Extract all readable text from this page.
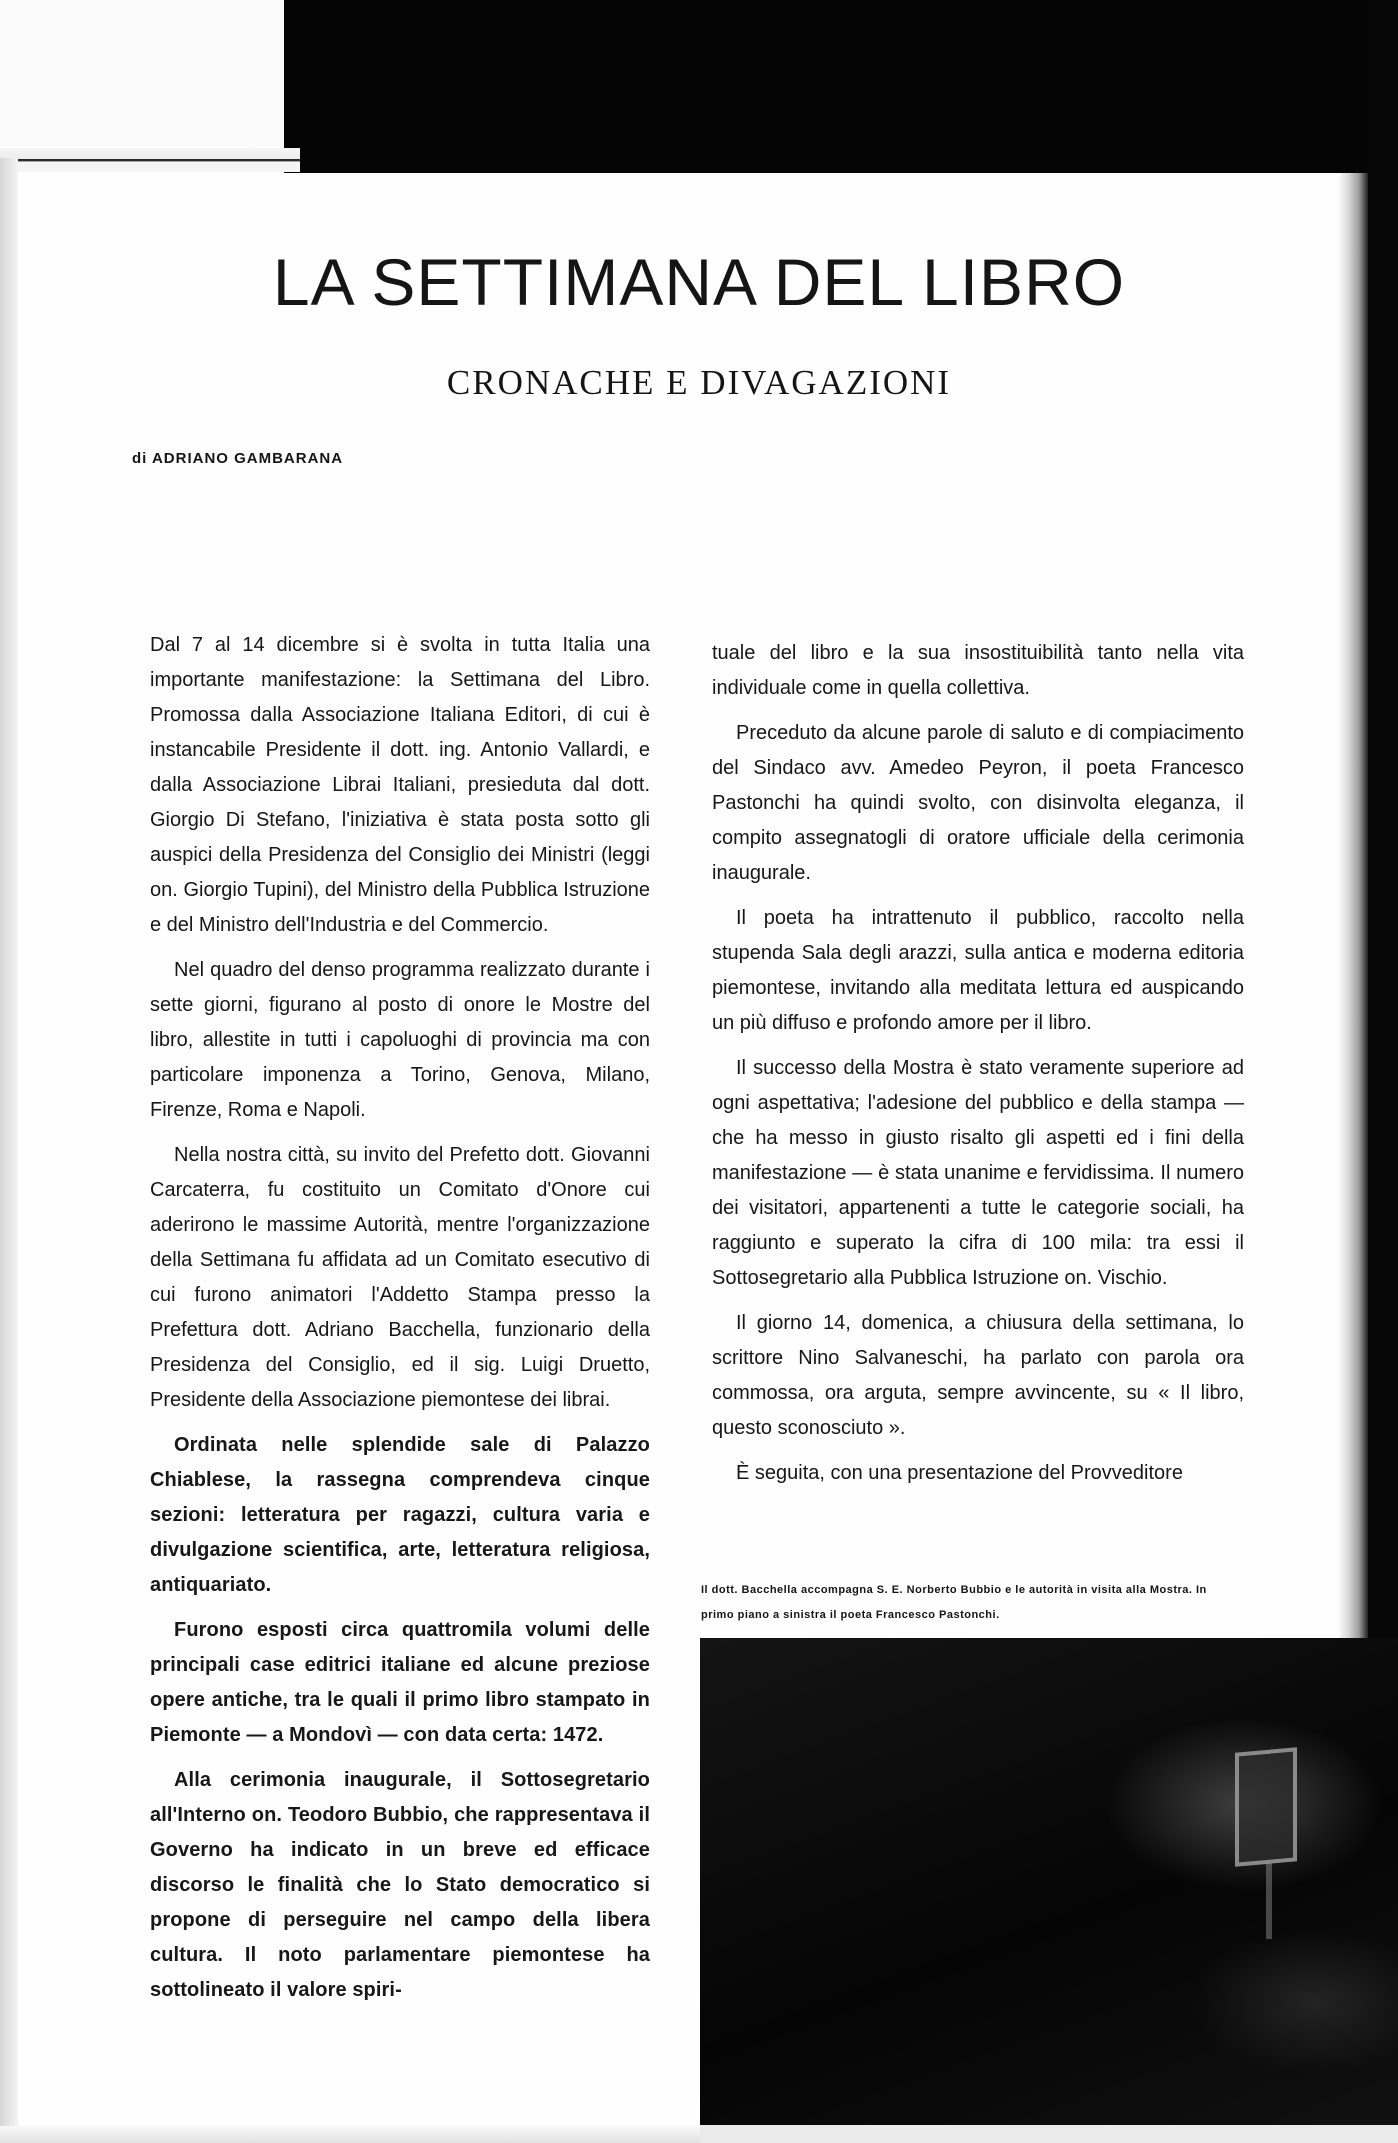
LA SETTIMANA DEL LIBRO
CRONACHE E DIVAGAZIONI
di ADRIANO GAMBARANA

Dal 7 al 14 dicembre si è svolta in tutta Italia una importante manifestazione: la Settimana del Libro. Promossa dalla Associazione Italiana Editori, di cui è instancabile Presidente il dott. ing. Antonio Vallardi, e dalla Associazione Librai Italiani, presieduta dal dott. Giorgio Di Stefano, l'iniziativa è stata posta sotto gli auspici della Presidenza del Consiglio dei Ministri (leggi on. Giorgio Tupini), del Ministro della Pubblica Istruzione e del Ministro dell'Industria e del Commercio.

Nel quadro del denso programma realizzato durante i sette giorni, figurano al posto di onore le Mostre del libro, allestite in tutti i capoluoghi di provincia ma con particolare imponenza a Torino, Genova, Milano, Firenze, Roma e Napoli.

Nella nostra città, su invito del Prefetto dott. Giovanni Carcaterra, fu costituito un Comitato d'Onore cui aderirono le massime Autorità, mentre l'organizzazione della Settimana fu affidata ad un Comitato esecutivo di cui furono animatori l'Addetto Stampa presso la Prefettura dott. Adriano Bacchella, funzionario della Presidenza del Consiglio, ed il sig. Luigi Druetto, Presidente della Associazione piemontese dei librai.

Ordinata nelle splendide sale di Palazzo Chiablese, la rassegna comprendeva cinque sezioni: letteratura per ragazzi, cultura varia e divulgazione scientifica, arte, letteratura religiosa, antiquariato.

Furono esposti circa quattromila volumi delle principali case editrici italiane ed alcune preziose opere antiche, tra le quali il primo libro stampato in Piemonte — a Mondovì — con data certa: 1472.

Alla cerimonia inaugurale, il Sottosegretario all'Interno on. Teodoro Bubbio, che rappresentava il Governo ha indicato in un breve ed efficace discorso le finalità che lo Stato democratico si propone di perseguire nel campo della libera cultura. Il noto parlamentare piemontese ha sottolineato il valore spiri-

tuale del libro e la sua insostituibilità tanto nella vita individuale come in quella collettiva.

Preceduto da alcune parole di saluto e di compiacimento del Sindaco avv. Amedeo Peyron, il poeta Francesco Pastonchi ha quindi svolto, con disinvolta eleganza, il compito assegnatogli di oratore ufficiale della cerimonia inaugurale.

Il poeta ha intrattenuto il pubblico, raccolto nella stupenda Sala degli arazzi, sulla antica e moderna editoria piemontese, invitando alla meditata lettura ed auspicando un più diffuso e profondo amore per il libro.

Il successo della Mostra è stato veramente superiore ad ogni aspettativa; l'adesione del pubblico e della stampa — che ha messo in giusto risalto gli aspetti ed i fini della manifestazione — è stata unanime e fervidissima. Il numero dei visitatori, appartenenti a tutte le categorie sociali, ha raggiunto e superato la cifra di 100 mila: tra essi il Sottosegretario alla Pubblica Istruzione on. Vischio.

Il giorno 14, domenica, a chiusura della settimana, lo scrittore Nino Salvaneschi, ha parlato con parola ora commossa, ora arguta, sempre avvincente, su « Il libro, questo sconosciuto ».

È seguita, con una presentazione del Provveditore

Il dott. Bacchella accompagna S. E. Norberto Bubbio e le autorità in visita alla Mostra. In primo piano a sinistra il poeta Francesco Pastonchi.
